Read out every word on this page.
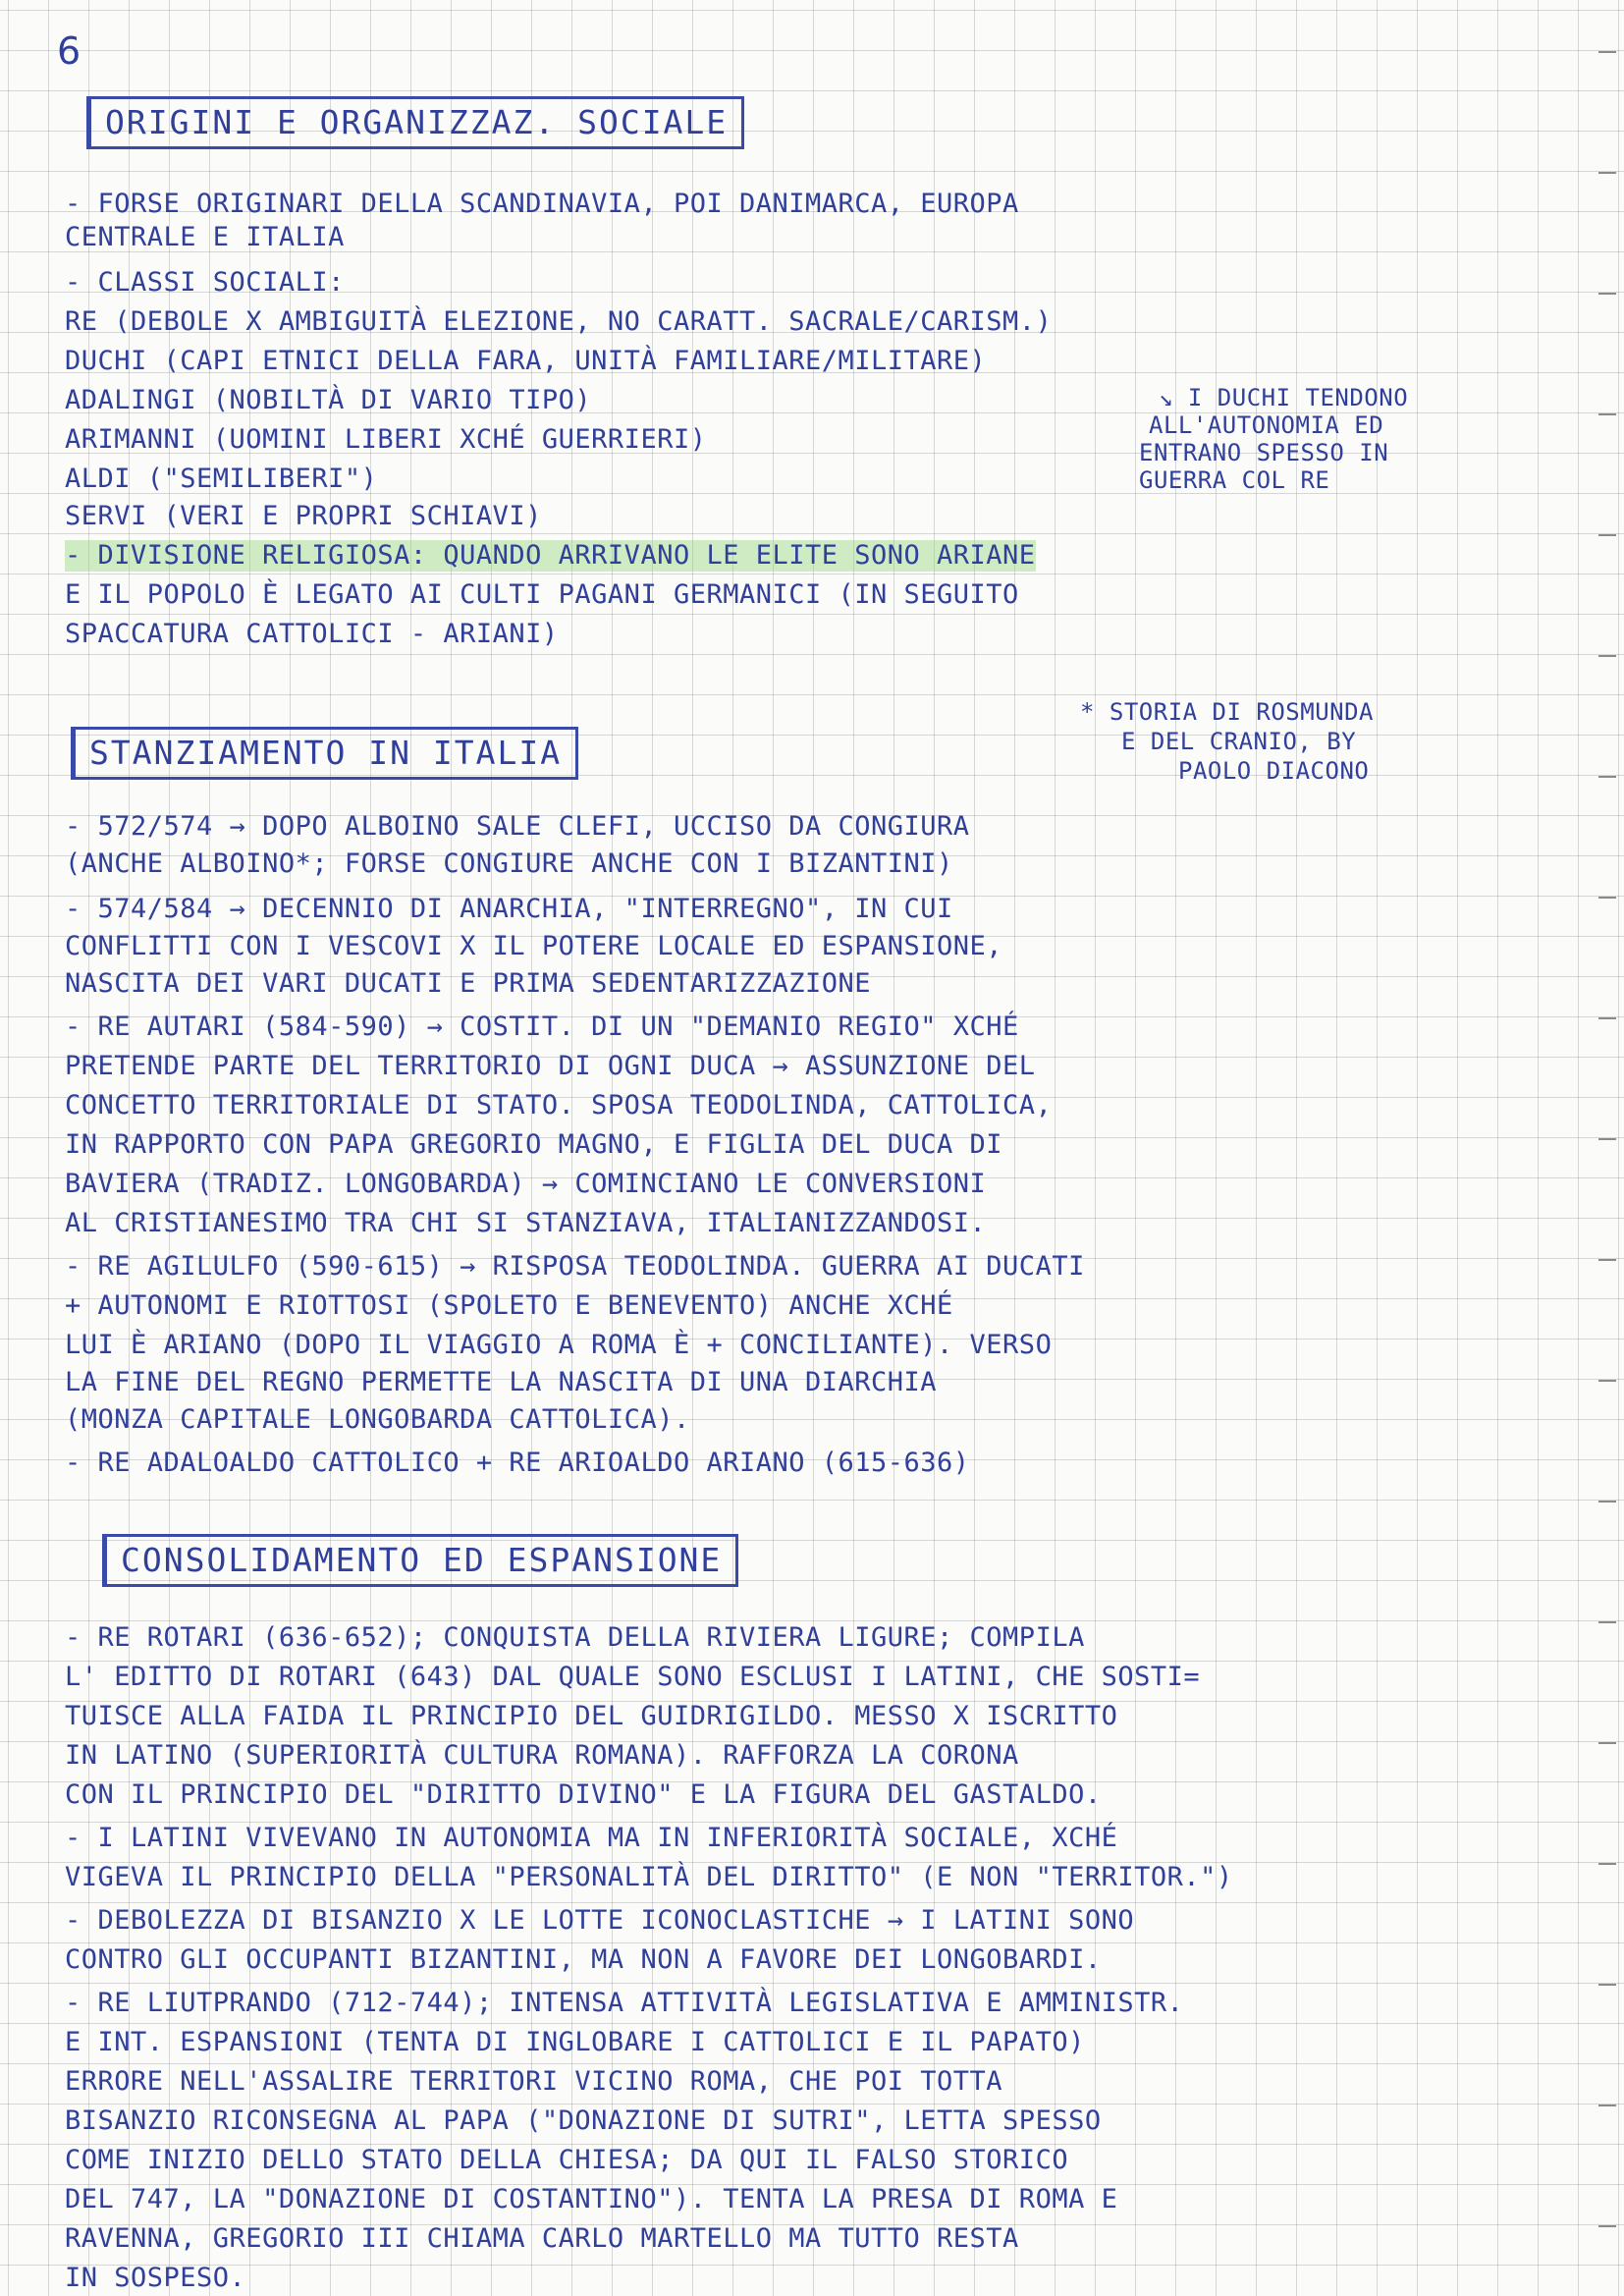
6
ORIGINI E ORGANIZZAZ. SOCIALE
- FORSE ORIGINARI DELLA SCANDINAVIA, POI DANIMARCA, EUROPA
CENTRALE E ITALIA
- CLASSI SOCIALI:
RE (DEBOLE X AMBIGUITÀ ELEZIONE, NO CARATT. SACRALE/CARISM.)
DUCHI (CAPI ETNICI DELLA FARA, UNITÀ FAMILIARE/MILITARE)
ADALINGI (NOBILTÀ DI VARIO TIPO)
ARIMANNI (UOMINI LIBERI XCHÉ GUERRIERI)
ALDI ("SEMILIBERI")
SERVI (VERI E PROPRI SCHIAVI)
- DIVISIONE RELIGIOSA: QUANDO ARRIVANO LE ELITE SONO ARIANE
E IL POPOLO È LEGATO AI CULTI PAGANI GERMANICI (IN SEGUITO
SPACCATURA CATTOLICI - ARIANI)
↘ I DUCHI TENDONO
ALL'AUTONOMIA ED
ENTRANO SPESSO IN
GUERRA COL RE
STANZIAMENTO IN ITALIA
* STORIA DI ROSMUNDA
E DEL CRANIO, BY
PAOLO DIACONO
- 572/574 → DOPO ALBOINO SALE CLEFI, UCCISO DA CONGIURA
(ANCHE ALBOINO*; FORSE CONGIURE ANCHE CON I BIZANTINI)
- 574/584 → DECENNIO DI ANARCHIA, "INTERREGNO", IN CUI
CONFLITTI CON I VESCOVI X IL POTERE LOCALE ED ESPANSIONE,
NASCITA DEI VARI DUCATI E PRIMA SEDENTARIZZAZIONE
- RE AUTARI (584-590) → COSTIT. DI UN "DEMANIO REGIO" XCHÉ
PRETENDE PARTE DEL TERRITORIO DI OGNI DUCA → ASSUNZIONE DEL
CONCETTO TERRITORIALE DI STATO. SPOSA TEODOLINDA, CATTOLICA,
IN RAPPORTO CON PAPA GREGORIO MAGNO, E FIGLIA DEL DUCA DI
BAVIERA (TRADIZ. LONGOBARDA) → COMINCIANO LE CONVERSIONI
AL CRISTIANESIMO TRA CHI SI STANZIAVA, ITALIANIZZANDOSI.
- RE AGILULFO (590-615) → RISPOSA TEODOLINDA. GUERRA AI DUCATI
+ AUTONOMI E RIOTTOSI (SPOLETO E BENEVENTO) ANCHE XCHÉ
LUI È ARIANO (DOPO IL VIAGGIO A ROMA È + CONCILIANTE). VERSO
LA FINE DEL REGNO PERMETTE LA NASCITA DI UNA DIARCHIA
(MONZA CAPITALE LONGOBARDA CATTOLICA).
- RE ADALOALDO CATTOLICO + RE ARIOALDO ARIANO (615-636)
CONSOLIDAMENTO ED ESPANSIONE
- RE ROTARI (636-652); CONQUISTA DELLA RIVIERA LIGURE; COMPILA
L' EDITTO DI ROTARI (643) DAL QUALE SONO ESCLUSI I LATINI, CHE SOSTI=
TUISCE ALLA FAIDA IL PRINCIPIO DEL GUIDRIGILDO. MESSO X ISCRITTO
IN LATINO (SUPERIORITÀ CULTURA ROMANA). RAFFORZA LA CORONA
CON IL PRINCIPIO DEL "DIRITTO DIVINO" E LA FIGURA DEL GASTALDO.
- I LATINI VIVEVANO IN AUTONOMIA MA IN INFERIORITÀ SOCIALE, XCHÉ
VIGEVA IL PRINCIPIO DELLA "PERSONALITÀ DEL DIRITTO" (E NON "TERRITOR.")
- DEBOLEZZA DI BISANZIO X LE LOTTE ICONOCLASTICHE → I LATINI SONO
CONTRO GLI OCCUPANTI BIZANTINI, MA NON A FAVORE DEI LONGOBARDI.
- RE LIUTPRANDO (712-744); INTENSA ATTIVITÀ LEGISLATIVA E AMMINISTR.
E INT. ESPANSIONI (TENTA DI INGLOBARE I CATTOLICI E IL PAPATO)
ERRORE NELL'ASSALIRE TERRITORI VICINO ROMA, CHE POI TOTTA
BISANZIO RICONSEGNA AL PAPA ("DONAZIONE DI SUTRI", LETTA SPESSO
COME INIZIO DELLO STATO DELLA CHIESA; DA QUI IL FALSO STORICO
DEL 747, LA "DONAZIONE DI COSTANTINO"). TENTA LA PRESA DI ROMA E
RAVENNA, GREGORIO III CHIAMA CARLO MARTELLO MA TUTTO RESTA
IN SOSPESO.
